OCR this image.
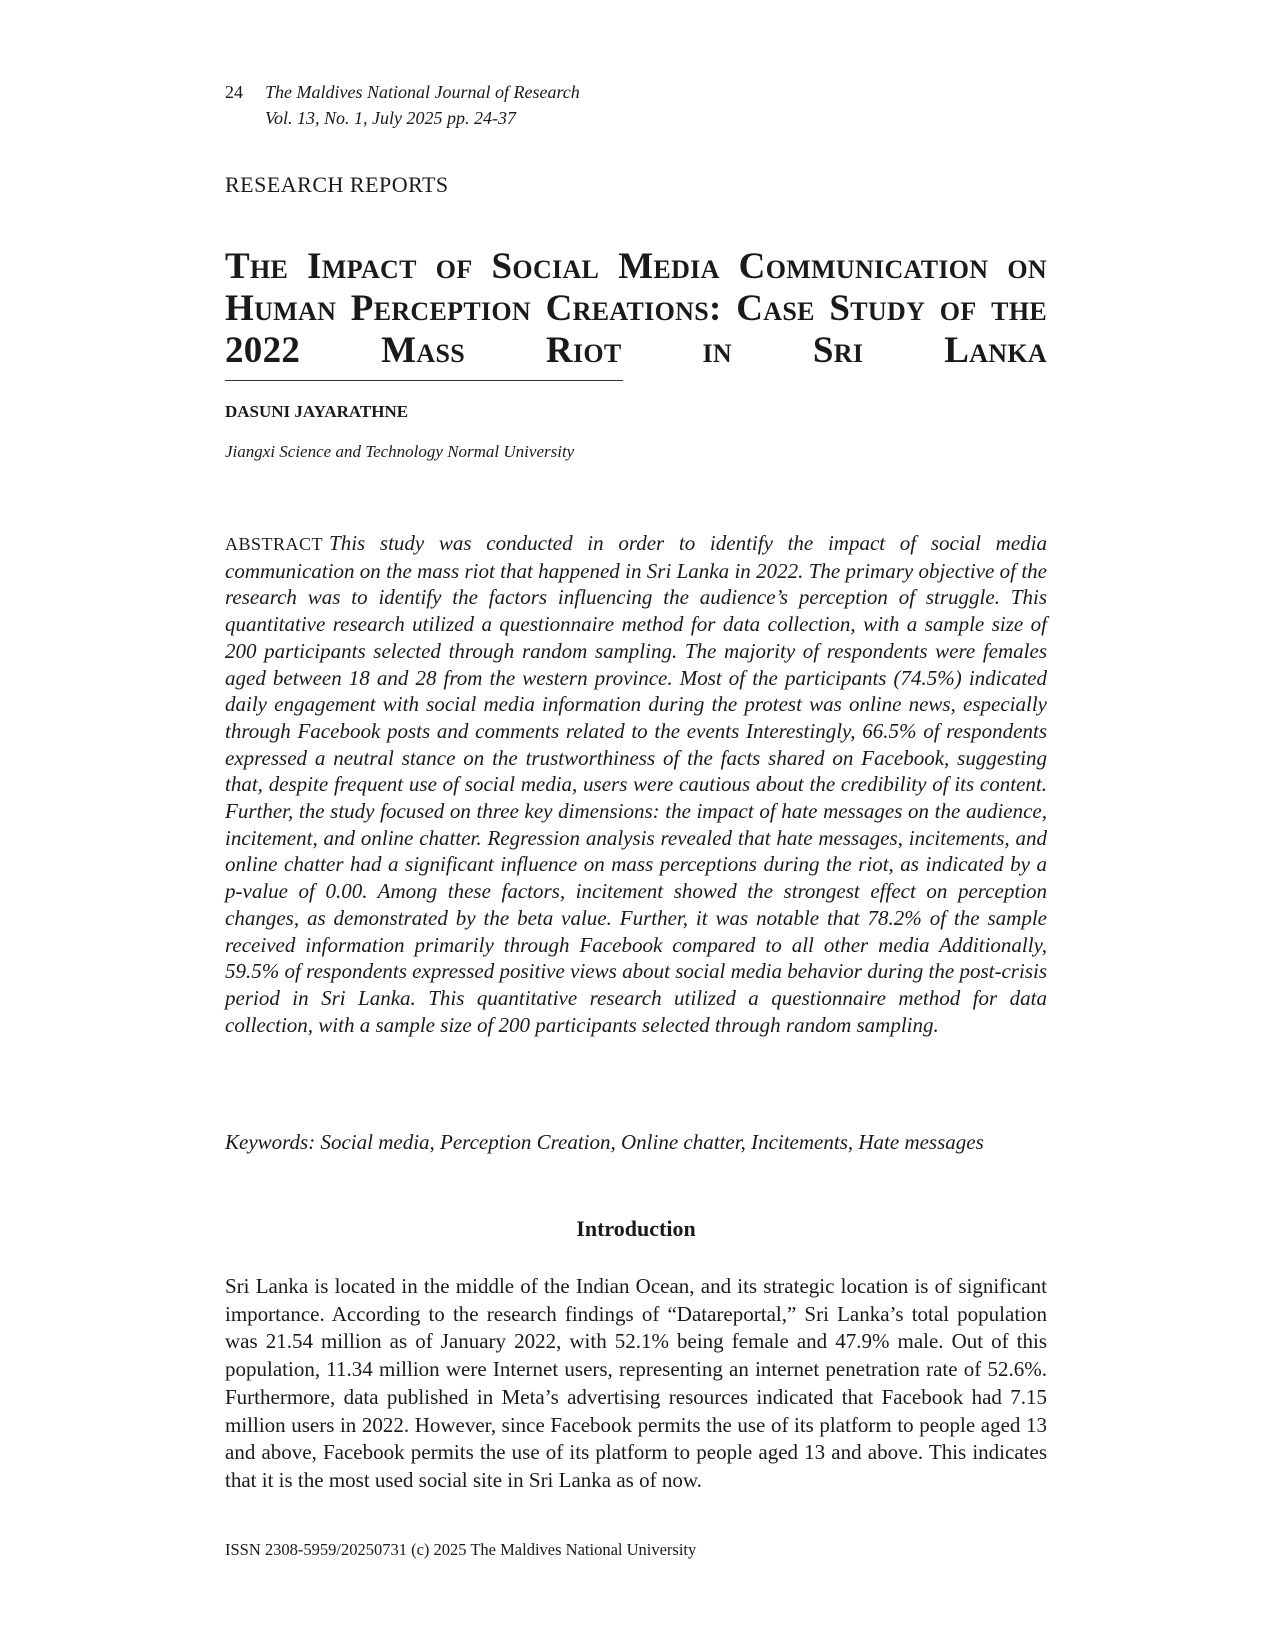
24 The Maldives National Journal of Research
Vol. 13, No. 1, July 2025 pp. 24-37
RESEARCH REPORTS
The Impact of Social Media Communication on Human Perception Creations: Case Study of the 2022 Mass Riot in Sri Lanka
DASUNI JAYARATHNE
Jiangxi Science and Technology Normal University

ABSTRACT This study was conducted in order to identify the impact of social media communication on the mass riot that happened in Sri Lanka in 2022. The primary objective of the research was to identify the factors influencing the audience’s perception of struggle. This quantitative research utilized a questionnaire method for data collection, with a sample size of 200 participants selected through random sampling. The majority of respondents were females aged between 18 and 28 from the western province. Most of the participants (74.5%) indicated daily engagement with social media information during the protest was online news, especially through Facebook posts and comments related to the events Interestingly, 66.5% of respondents expressed a neutral stance on the trustworthiness of the facts shared on Facebook, suggesting that, despite frequent use of social media, users were cautious about the credibility of its content. Further, the study focused on three key dimensions: the impact of hate messages on the audience, incitement, and online chatter. Regression analysis revealed that hate messages, incitements, and online chatter had a significant influence on mass perceptions during the riot, as indicated by a p-value of 0.00. Among these factors, incitement showed the strongest effect on perception changes, as demonstrated by the beta value. Further, it was notable that 78.2% of the sample received information primarily through Facebook compared to all other media Additionally, 59.5% of respondents expressed positive views about social media behavior during the post-crisis period in Sri Lanka. This quantitative research utilized a questionnaire method for data collection, with a sample size of 200 participants selected through random sampling.

Keywords: Social media, Perception Creation, Online chatter, Incitements, Hate messages
Introduction

Sri Lanka is located in the middle of the Indian Ocean, and its strategic location is of significant importance. According to the research findings of “Datareportal,” Sri Lanka’s total population was 21.54 million as of January 2022, with 52.1% being female and 47.9% male. Out of this population, 11.34 million were Internet users, representing an internet penetration rate of 52.6%. Furthermore, data published in Meta’s advertising resources indicated that Facebook had 7.15 million users in 2022. However, since Facebook permits the use of its platform to people aged 13 and above, Facebook permits the use of its platform to people aged 13 and above. This indicates that it is the most used social site in Sri Lanka as of now.

ISSN 2308-5959/20250731 (c) 2025 The Maldives National University
